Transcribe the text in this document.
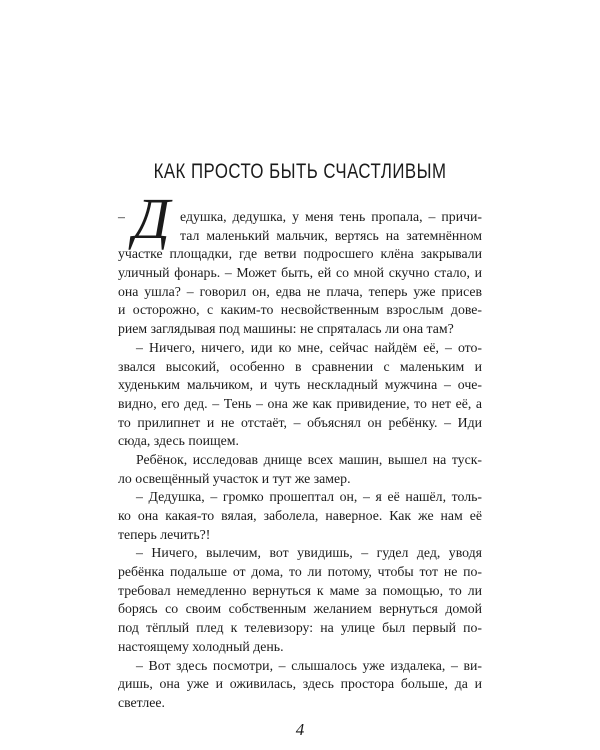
КАК ПРОСТО БЫТЬ СЧАСТЛИВЫМ
Д
–	едушка, дедушка, у меня тень пропала, – причи-
тал маленький мальчик, вертясь на затемнённом
участке площадки, где ветви подросшего клёна закрывали
уличный фонарь. – Может быть, ей со мной скучно стало, и
она ушла? – говорил он, едва не плача, теперь уже присев
и осторожно, с каким-то несвойственным взрослым дове-
рием заглядывая под машины: не спряталась ли она там?
– Ничего, ничего, иди ко мне, сейчас найдём её, – ото-
звался высокий, особенно в сравнении с маленьким и
худеньким мальчиком, и чуть нескладный мужчина – оче-
видно, его дед. – Тень – она же как привидение, то нет её, а
то прилипнет и не отстаёт, – объяснял он ребёнку. – Иди
сюда, здесь поищем.
Ребёнок, исследовав днище всех машин, вышел на туск-
ло освещённый участок и тут же замер.
– Дедушка, – громко прошептал он, – я её нашёл, толь-
ко она какая-то вялая, заболела, наверное. Как же нам её
теперь лечить?!
– Ничего, вылечим, вот увидишь, – гудел дед, уводя
ребёнка подальше от дома, то ли потому, чтобы тот не по-
требовал немедленно вернуться к маме за помощью, то ли
борясь со своим собственным желанием вернуться домой
под тёплый плед к телевизору: на улице был первый по-
настоящему холодный день.
– Вот здесь посмотри, – слышалось уже издалека, – ви-
дишь, она уже и оживилась, здесь простора больше, да и
светлее.
4
